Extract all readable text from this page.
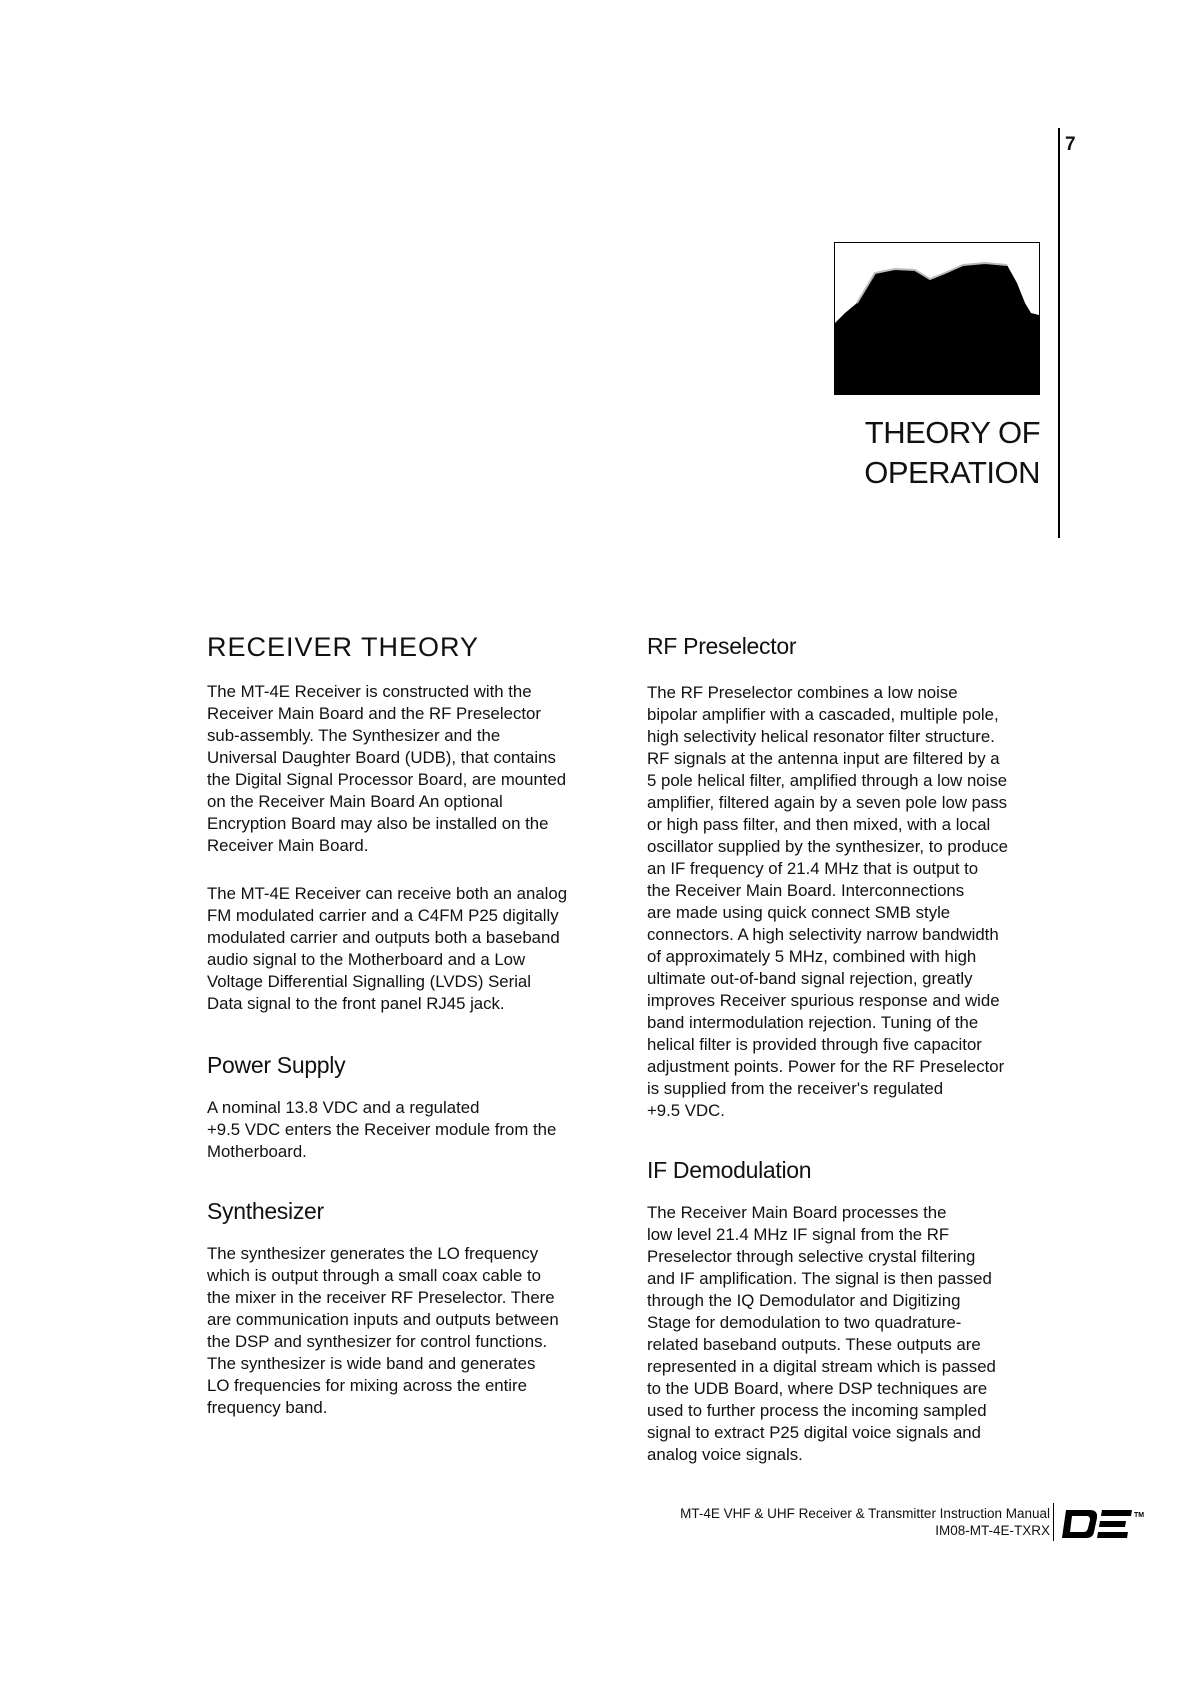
7
THEORY OF
OPERATION
RECEIVER THEORY

The MT-4E Receiver is constructed with the
Receiver Main Board and the RF Preselector
sub-assembly. The Synthesizer and the
Universal Daughter Board (UDB), that contains
the Digital Signal Processor Board, are mounted
on the Receiver Main Board An optional
Encryption Board may also be installed on the
Receiver Main Board.

The MT-4E Receiver can receive both an analog
FM modulated carrier and a C4FM P25 digitally
modulated carrier and outputs both a baseband
audio signal to the Motherboard and a Low
Voltage Differential Signalling (LVDS) Serial
Data signal to the front panel RJ45 jack.

Power Supply

A nominal 13.8 VDC and a regulated
+9.5 VDC enters the Receiver module from the
Motherboard.

Synthesizer

The synthesizer generates the LO frequency
which is output through a small coax cable to
the mixer in the receiver RF Preselector. There
are communication inputs and outputs between
the DSP and synthesizer for control functions.
The synthesizer is wide band and generates
LO frequencies for mixing across the entire
frequency band.

RF Preselector

The RF Preselector combines a low noise
bipolar amplifier with a cascaded, multiple pole,
high selectivity helical resonator filter structure.
RF signals at the antenna input are filtered by a
5 pole helical filter, amplified through a low noise
amplifier, filtered again by a seven pole low pass
or high pass filter, and then mixed, with a local
oscillator supplied by the synthesizer, to produce
an IF frequency of 21.4 MHz that is output to
the Receiver Main Board. Interconnections
are made using quick connect SMB style
connectors. A high selectivity narrow bandwidth
of approximately 5 MHz, combined with high
ultimate out-of-band signal rejection, greatly
improves Receiver spurious response and wide
band intermodulation rejection. Tuning of the
helical filter is provided through five capacitor
adjustment points. Power for the RF Preselector
is supplied from the receiver's regulated
+9.5 VDC.

IF Demodulation

The Receiver Main Board processes the
low level 21.4 MHz IF signal from the RF
Preselector through selective crystal filtering
and IF amplification. The signal is then passed
through the IQ Demodulator and Digitizing
Stage for demodulation to two quadrature-
related baseband outputs. These outputs are
represented in a digital stream which is passed
to the UDB Board, where DSP techniques are
used to further process the incoming sampled
signal to extract P25 digital voice signals and
analog voice signals.

MT-4E VHF & UHF Receiver & Transmitter Instruction Manual
IM08-MT-4E-TXRX
TM
